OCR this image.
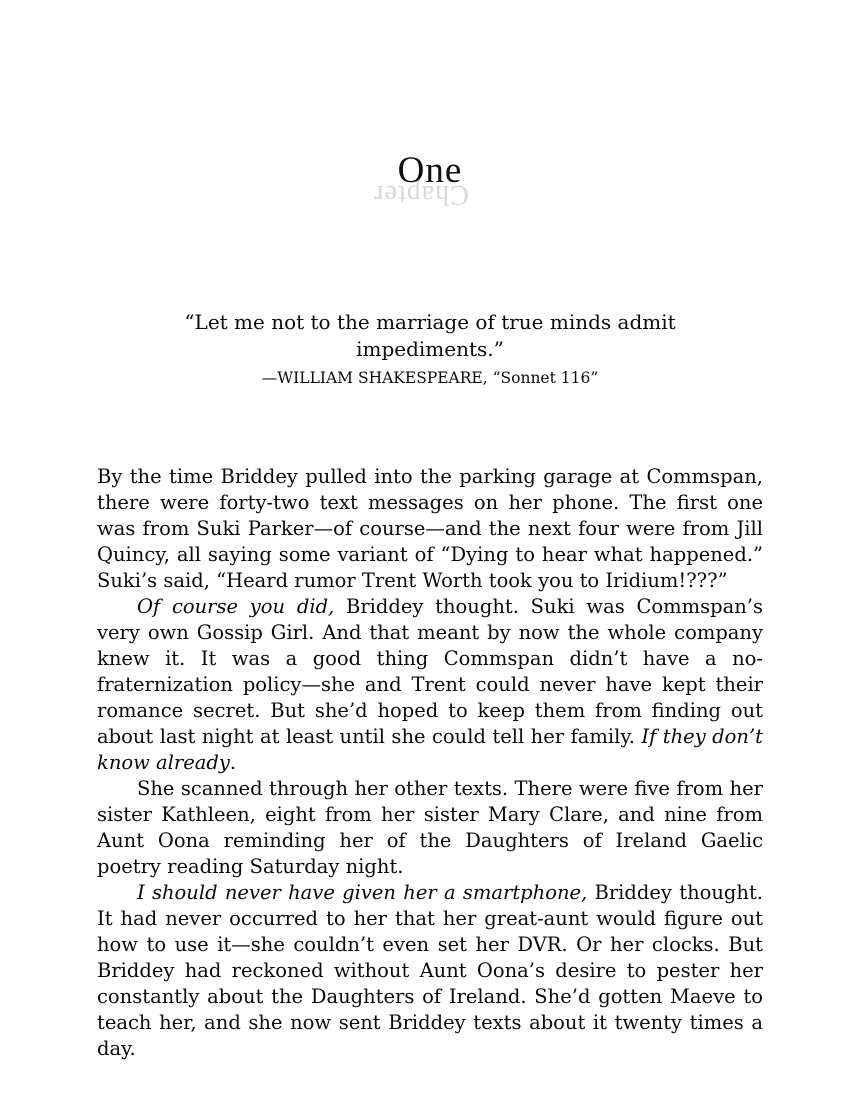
Chapter
One

“Let me not to the marriage of true minds admit impediments.”

—WILLIAM SHAKESPEARE, “Sonnet 116”

By the time Briddey pulled into the parking garage at Commspan, there were forty-two text messages on her phone. The first one was from Suki Parker—of course—and the next four were from Jill Quincy, all saying some variant of “Dying to hear what happened.” Suki’s said, “Heard rumor Trent Worth took you to Iridium!???”

Of course you did, Briddey thought. Suki was Commspan’s very own Gossip Girl. And that meant by now the whole company knew it. It was a good thing Commspan didn’t have a no-fraternization policy—she and Trent could never have kept their romance secret. But she’d hoped to keep them from finding out about last night at least until she could tell her family. If they don’t know already.

She scanned through her other texts. There were five from her sister Kathleen, eight from her sister Mary Clare, and nine from Aunt Oona reminding her of the Daughters of Ireland Gaelic poetry reading Saturday night.

I should never have given her a smartphone, Briddey thought. It had never occurred to her that her great-aunt would figure out how to use it—she couldn’t even set her DVR. Or her clocks. But Briddey had reckoned without Aunt Oona’s desire to pester her constantly about the Daughters of Ireland. She’d gotten Maeve to teach her, and she now sent Briddey texts about it twenty times a day.
